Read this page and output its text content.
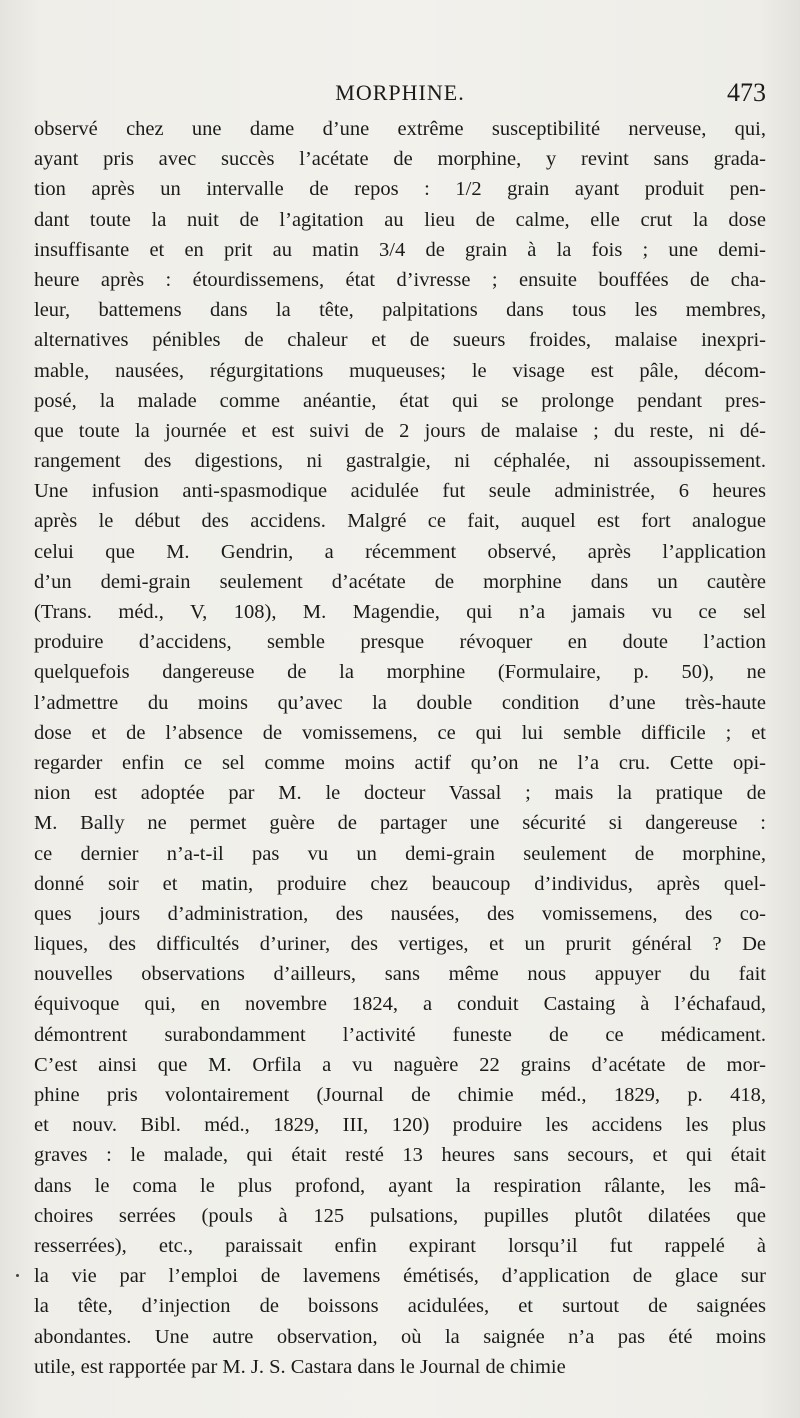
MORPHINE.	473
observé chez une dame d’une extrême susceptibilité nerveuse, qui,
ayant pris avec succès l’acétate de morphine, y revint sans grada-
tion après un intervalle de repos : 1/2 grain ayant produit pen-
dant toute la nuit de l’agitation au lieu de calme, elle crut la dose
insuffisante et en prit au matin 3/4 de grain à la fois ; une demi-
heure après : étourdissemens, état d’ivresse ; ensuite bouffées de cha-
leur, battemens dans la tête, palpitations dans tous les membres,
alternatives pénibles de chaleur et de sueurs froides, malaise inexpri-
mable, nausées, régurgitations muqueuses; le visage est pâle, décom-
posé, la malade comme anéantie, état qui se prolonge pendant pres-
que toute la journée et est suivi de 2 jours de malaise ; du reste, ni dé-
rangement des digestions, ni gastralgie, ni céphalée, ni assoupissement.
Une infusion anti-spasmodique acidulée fut seule administrée, 6 heures
après le début des accidens. Malgré ce fait, auquel est fort analogue
celui que M. Gendrin, a récemment observé, après l’application
d’un demi-grain seulement d’acétate de morphine dans un cautère
(Trans. méd., V, 108), M. Magendie, qui n’a jamais vu ce sel
produire d’accidens, semble presque révoquer en doute l’action
quelquefois dangereuse de la morphine (Formulaire, p. 50), ne
l’admettre du moins qu’avec la double condition d’une très-haute
dose et de l’absence de vomissemens, ce qui lui semble difficile ; et
regarder enfin ce sel comme moins actif qu’on ne l’a cru. Cette opi-
nion est adoptée par M. le docteur Vassal ; mais la pratique de
M. Bally ne permet guère de partager une sécurité si dangereuse :
ce dernier n’a-t-il pas vu un demi-grain seulement de morphine,
donné soir et matin, produire chez beaucoup d’individus, après quel-
ques jours d’administration, des nausées, des vomissemens, des co-
liques, des difficultés d’uriner, des vertiges, et un prurit général ? De
nouvelles observations d’ailleurs, sans même nous appuyer du fait
équivoque qui, en novembre 1824, a conduit Castaing à l’échafaud,
démontrent surabondamment l’activité funeste de ce médicament.
C’est ainsi que M. Orfila a vu naguère 22 grains d’acétate de mor-
phine pris volontairement (Journal de chimie méd., 1829, p. 418,
et nouv. Bibl. méd., 1829, III, 120) produire les accidens les plus
graves : le malade, qui était resté 13 heures sans secours, et qui était
dans le coma le plus profond, ayant la respiration râlante, les mâ-
choires serrées (pouls à 125 pulsations, pupilles plutôt dilatées que
resserrées), etc., paraissait enfin expirant lorsqu’il fut rappelé à
la vie par l’emploi de lavemens émétisés, d’application de glace sur
la tête, d’injection de boissons acidulées, et surtout de saignées
abondantes. Une autre observation, où la saignée n’a pas été moins
utile, est rapportée par M. J. S. Castara dans le Journal de chimie
